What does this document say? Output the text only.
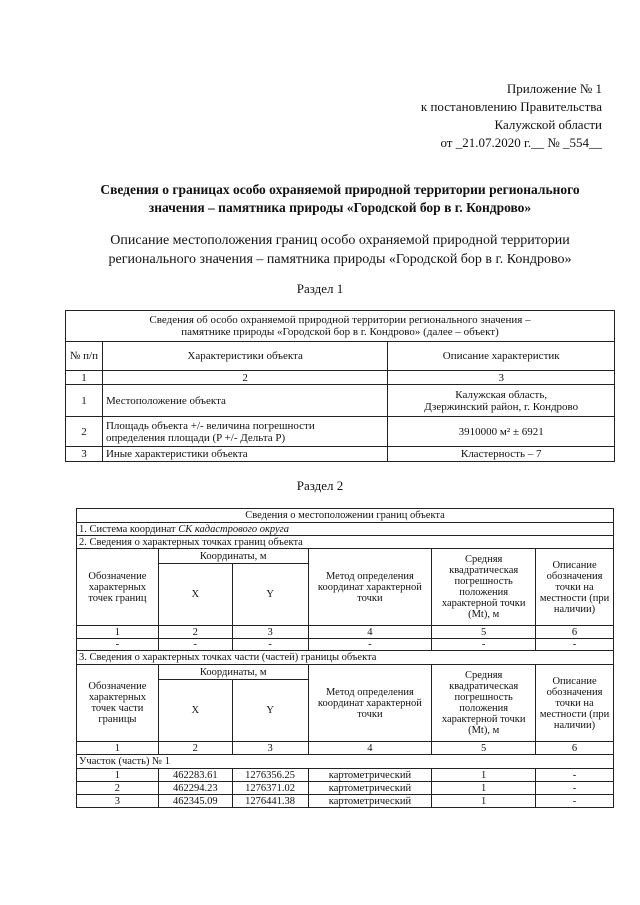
Приложение № 1
к постановлению Правительства
Калужской области
от _21.07.2020 г.__ № _554__
Сведения о границах особо охраняемой природной территории регионального
значения – памятника природы «Городской бор в г. Кондрово»
Описание местоположения границ особо охраняемой природной территории
регионального значения – памятника природы «Городской бор в г. Кондрово»
Раздел 1
Сведения об особо охраняемой природной территории регионального значения –
памятнике природы «Городской бор в г. Кондрово» (далее – объект)		

№ п/п	Характеристики объекта	Описание характеристик
1	2	3
1	Местоположение объекта	Калужская область,
Дзержинский район, г. Кондрово

2	Площадь объекта +/- величина погрешности
определения площади (P +/- Дельта P)	3910000 м² ± 6921
3	Иные характеристики объекта	Кластерность – 7
Раздел 2
Сведения о местоположении границ объекта					
1. Система координат СК кадастрового округа					
2. Сведения о характерных точках границ объекта					
Обозначение характерных точек границ	Координаты, м		Метод определения координат характерной точки	Средняя квадратическая погрешность положения характерной точки (Mt), м	Описание обозначения точки на местности (при наличии)
	X	Y			
1	2	3	4	5	6
-	-	-	-	-	-
3. Сведения о характерных точках части (частей) границы объекта					
Обозначение характерных точек части границы	Координаты, м		Метод определения координат характерной точки	Средняя квадратическая погрешность положения характерной точки (Mt), м	Описание обозначения точки на местности (при наличии)
	X	Y			
1	2	3	4	5	6
Участок (часть) № 1					
1	462283.61	1276356.25	картометрический	1	-
2	462294.23	1276371.02	картометрический	1	-
3	462345.09	1276441.38	картометрический	1	-
